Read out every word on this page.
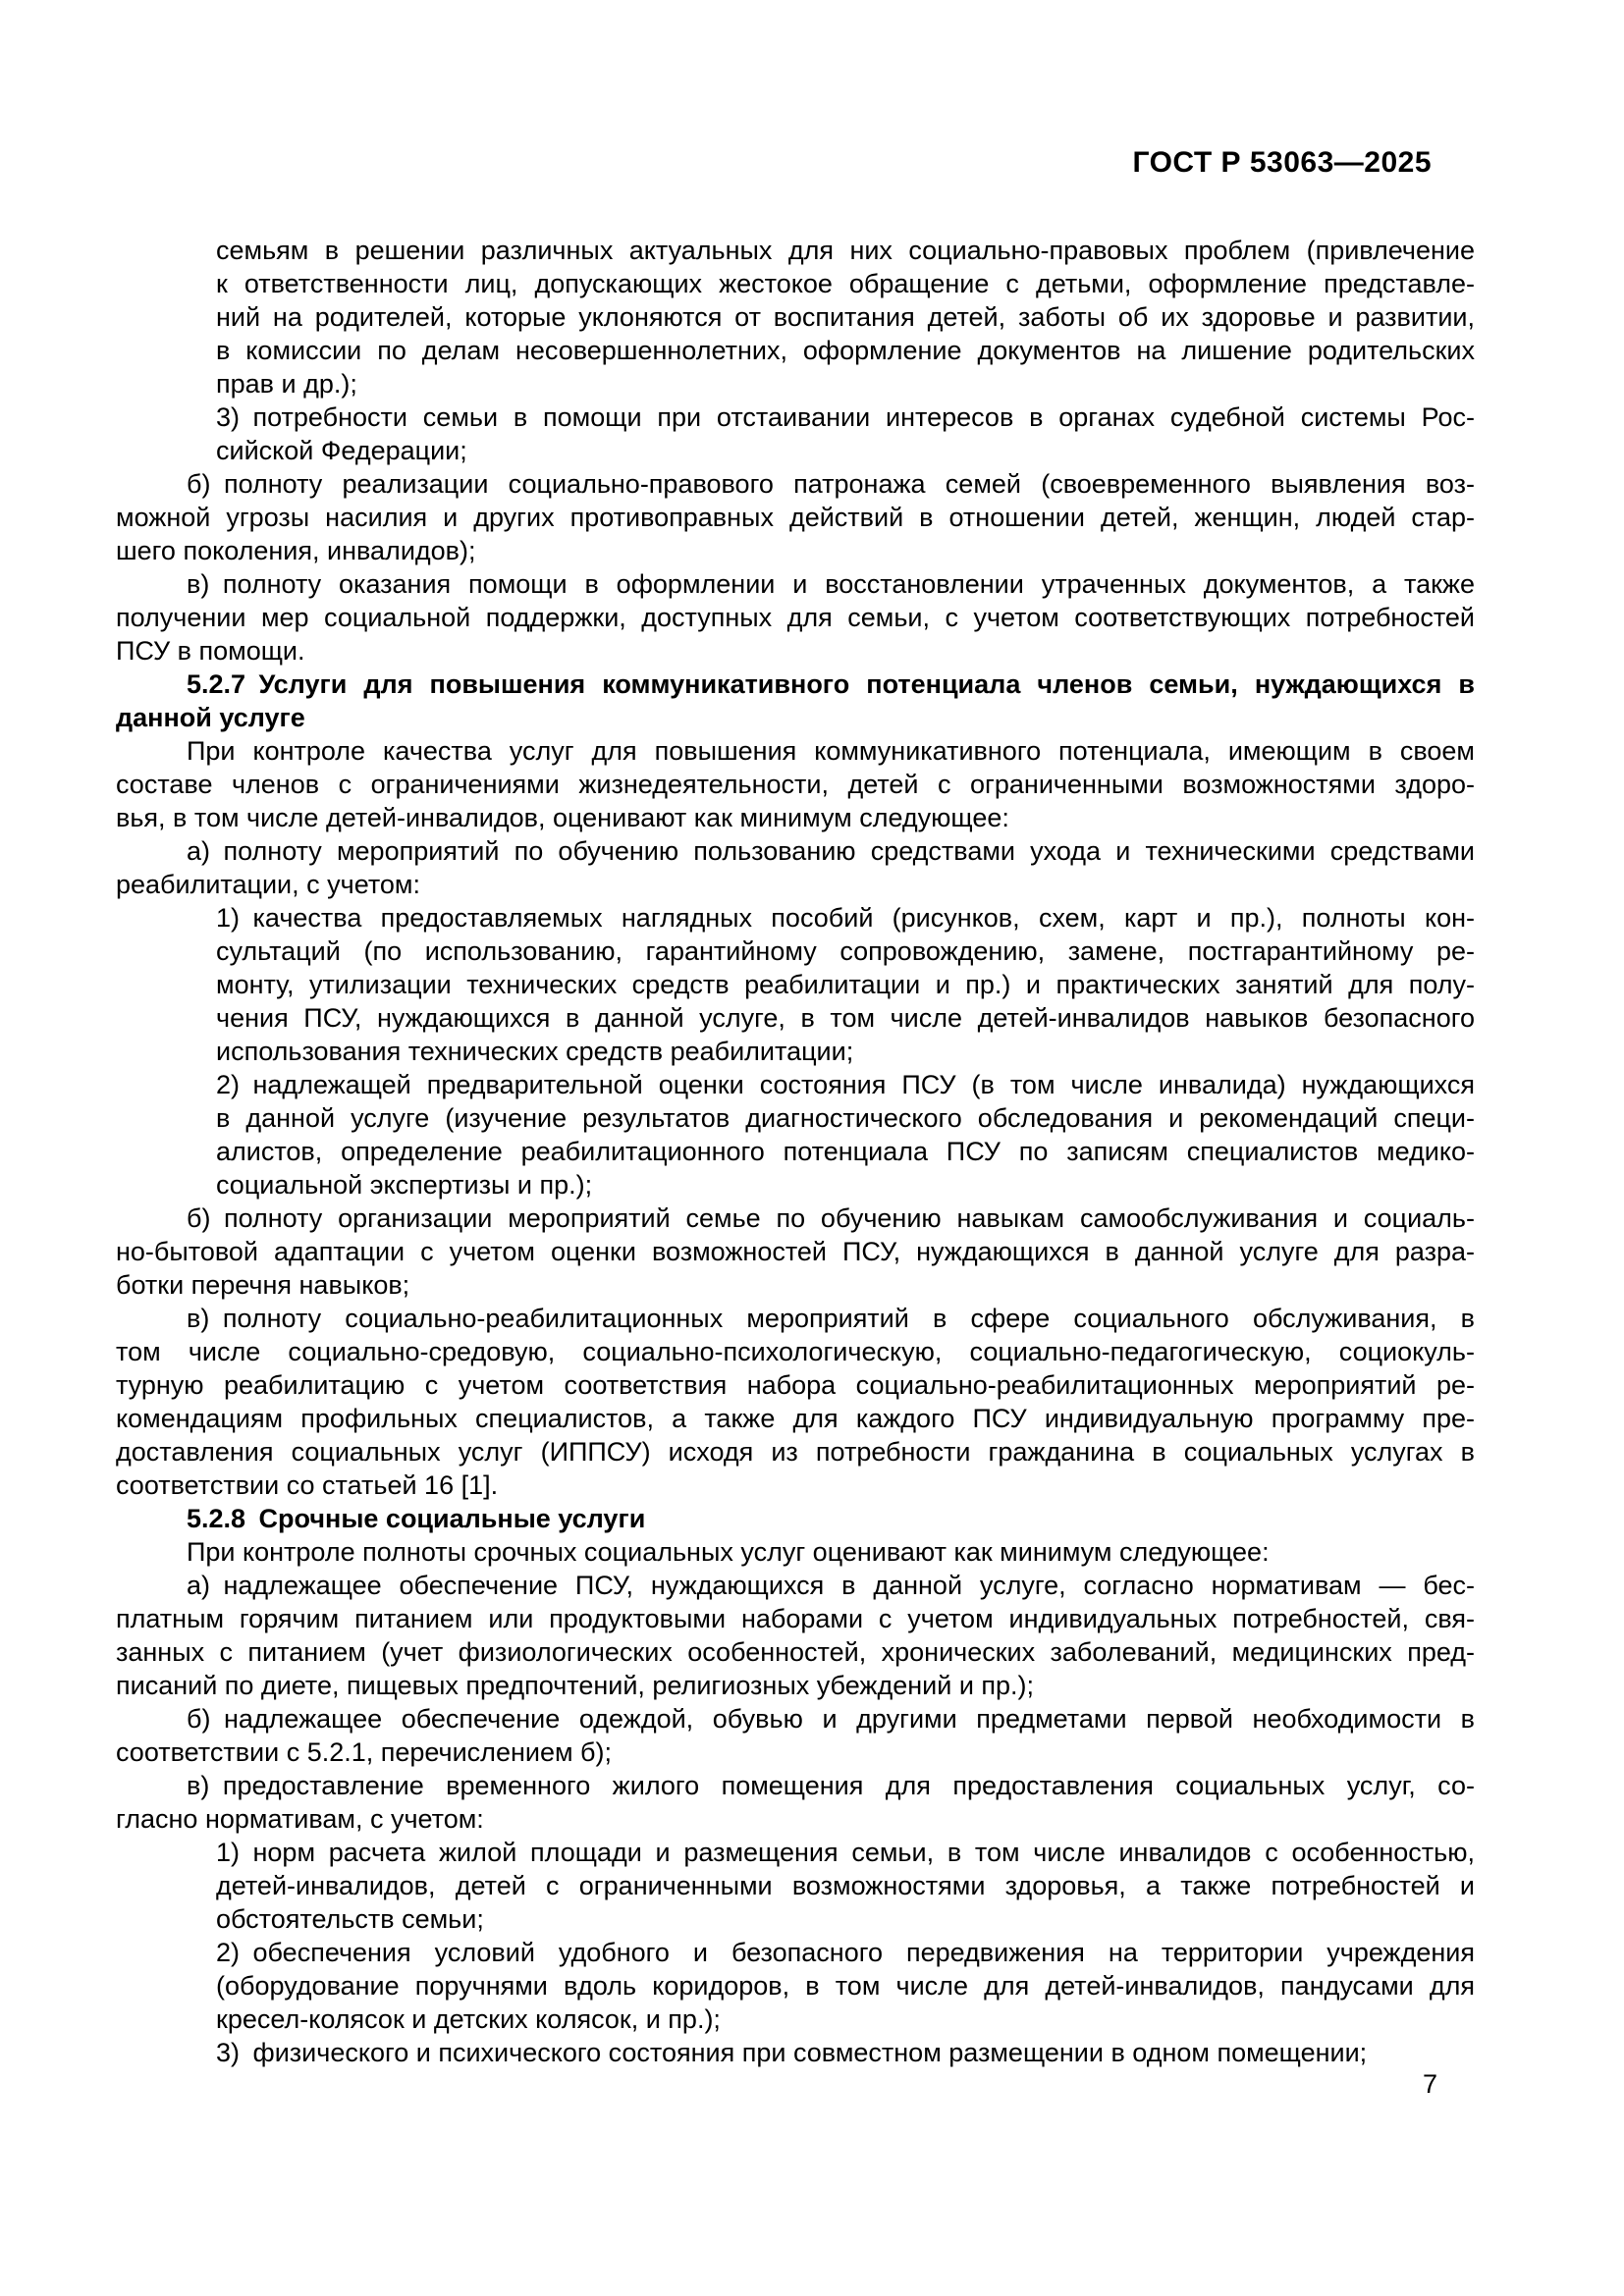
ГОСТ Р 53063—2025

семьям в решении различных актуальных для них социально-правовых проблем (привлечение
к ответственности лиц, допускающих жестокое обращение с детьми, оформление представле-
ний на родителей, которые уклоняются от воспитания детей, заботы об их здоровье и развитии,
в комиссии по делам несовершеннолетних, оформление документов на лишение родительских
прав и др.);

3) потребности семьи в помощи при отстаивании интересов в органах судебной системы Рос-
сийской Федерации;

б) полноту реализации социально-правового патронажа семей (своевременного выявления воз-
можной угрозы насилия и других противоправных действий в отношении детей, женщин, людей стар-
шего поколения, инвалидов);

в) полноту оказания помощи в оформлении и восстановлении утраченных документов, а также
получении мер социальной поддержки, доступных для семьи, с учетом соответствующих потребностей
ПСУ в помощи.

5.2.7 Услуги для повышения коммуникативного потенциала членов семьи, нуждающихся в
данной услуге

При контроле качества услуг для повышения коммуникативного потенциала, имеющим в своем
составе членов с ограничениями жизнедеятельности, детей с ограниченными возможностями здоро-
вья, в том числе детей-инвалидов, оценивают как минимум следующее:

а) полноту мероприятий по обучению пользованию средствами ухода и техническими средствами
реабилитации, с учетом:

1) качества предоставляемых наглядных пособий (рисунков, схем, карт и пр.), полноты кон-
сультаций (по использованию, гарантийному сопровождению, замене, постгарантийному ре-
монту, утилизации технических средств реабилитации и пр.) и практических занятий для полу-
чения ПСУ, нуждающихся в данной услуге, в том числе детей-инвалидов навыков безопасного
использования технических средств реабилитации;

2) надлежащей предварительной оценки состояния ПСУ (в том числе инвалида) нуждающихся
в данной услуге (изучение результатов диагностического обследования и рекомендаций специ-
алистов, определение реабилитационного потенциала ПСУ по записям специалистов медико-
социальной экспертизы и пр.);

б) полноту организации мероприятий семье по обучению навыкам самообслуживания и социаль-
но-бытовой адаптации с учетом оценки возможностей ПСУ, нуждающихся в данной услуге для разра-
ботки перечня навыков;

в) полноту социально-реабилитационных мероприятий в сфере социального обслуживания, в
том числе социально-средовую, социально-психологическую, социально-педагогическую, социокуль-
турную реабилитацию с учетом соответствия набора социально-реабилитационных мероприятий ре-
комендациям профильных специалистов, а также для каждого ПСУ индивидуальную программу пре-
доставления социальных услуг (ИППСУ) исходя из потребности гражданина в социальных услугах в
соответствии со статьей 16 [1].

5.2.8 Срочные социальные услуги

При контроле полноты срочных социальных услуг оценивают как минимум следующее:

а) надлежащее обеспечение ПСУ, нуждающихся в данной услуге, согласно нормативам — бес-
платным горячим питанием или продуктовыми наборами с учетом индивидуальных потребностей, свя-
занных с питанием (учет физиологических особенностей, хронических заболеваний, медицинских пред-
писаний по диете, пищевых предпочтений, религиозных убеждений и пр.);

б) надлежащее обеспечение одеждой, обувью и другими предметами первой необходимости в
соответствии с 5.2.1, перечислением б);

в) предоставление временного жилого помещения для предоставления социальных услуг, со-
гласно нормативам, с учетом:

1) норм расчета жилой площади и размещения семьи, в том числе инвалидов с особенностью,
детей-инвалидов, детей с ограниченными возможностями здоровья, а также потребностей и
обстоятельств семьи;

2) обеспечения условий удобного и безопасного передвижения на территории учреждения
(оборудование поручнями вдоль коридоров, в том числе для детей-инвалидов, пандусами для
кресел-колясок и детских колясок, и пр.);

3) физического и психического состояния при совместном размещении в одном помещении;

7
